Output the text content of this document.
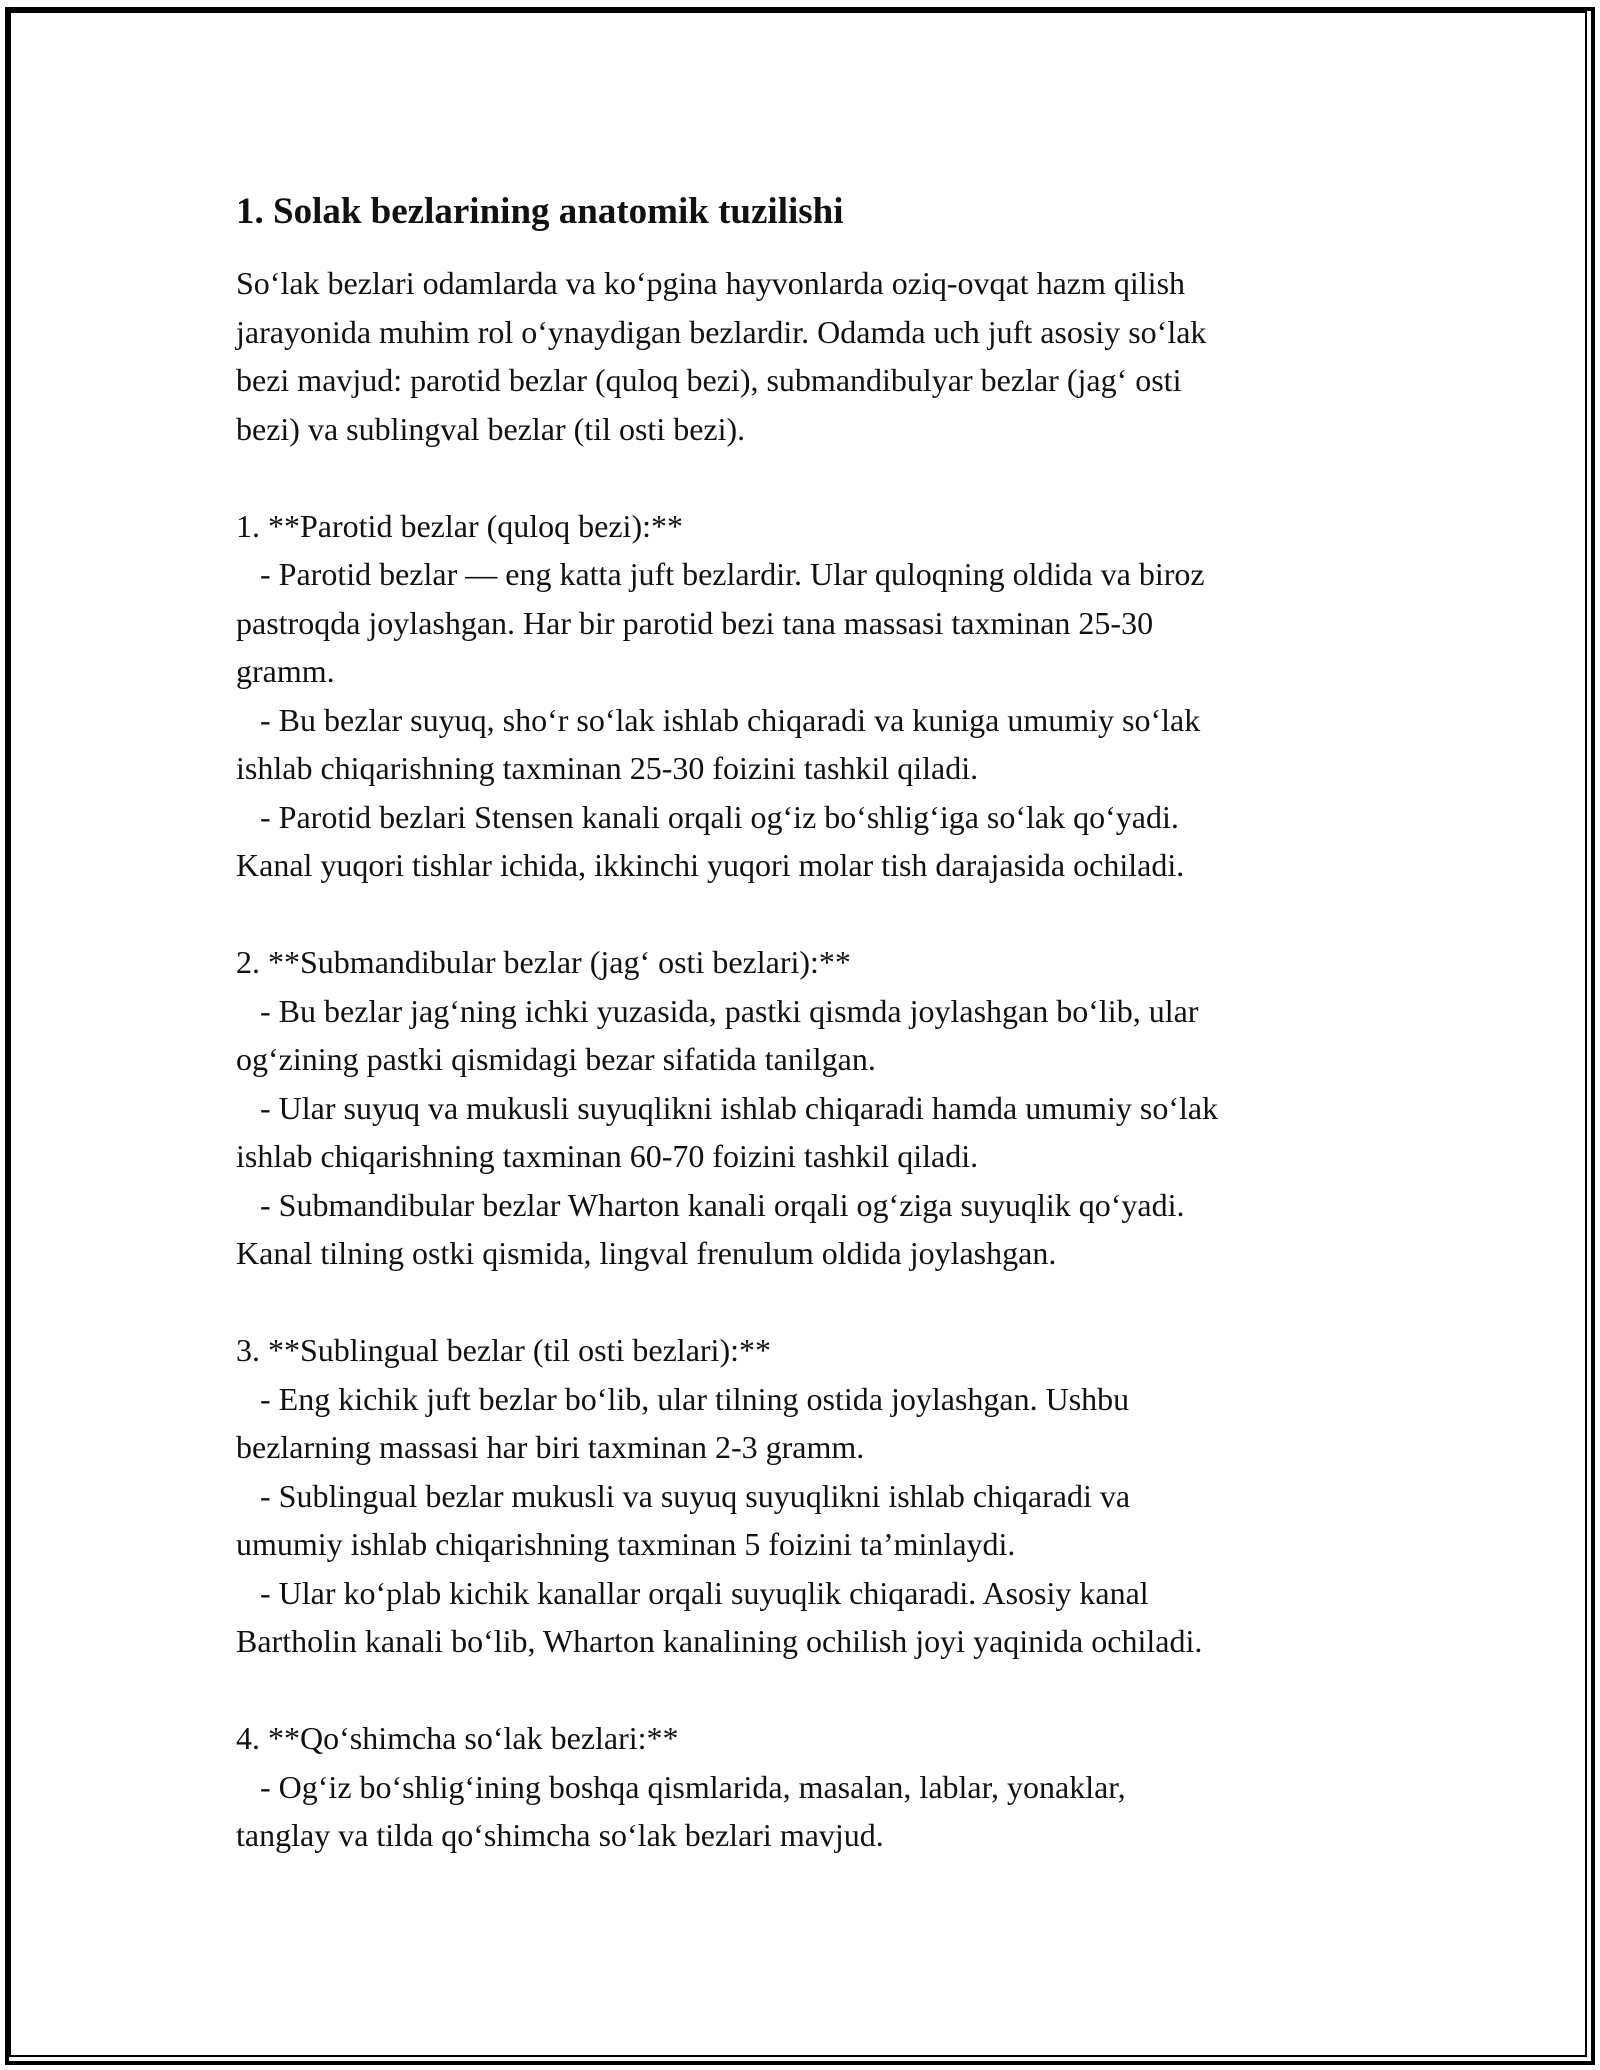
1. Solak bezlarining anatomik tuzilishi

So‘lak bezlari odamlarda va ko‘pgina hayvonlarda oziq-ovqat hazm qilish
jarayonida muhim rol o‘ynaydigan bezlardir. Odamda uch juft asosiy so‘lak
bezi mavjud: parotid bezlar (quloq bezi), submandibulyar bezlar (jag‘ osti
bezi) va sublingval bezlar (til osti bezi).

1. **Parotid bezlar (quloq bezi):**

- Parotid bezlar — eng katta juft bezlardir. Ular quloqning oldida va biroz
pastroqda joylashgan. Har bir parotid bezi tana massasi taxminan 25-30
gramm.
- Bu bezlar suyuq, sho‘r so‘lak ishlab chiqaradi va kuniga umumiy so‘lak
ishlab chiqarishning taxminan 25-30 foizini tashkil qiladi.
- Parotid bezlari Stensen kanali orqali og‘iz bo‘shlig‘iga so‘lak qo‘yadi.
Kanal yuqori tishlar ichida, ikkinchi yuqori molar tish darajasida ochiladi.

2. **Submandibular bezlar (jag‘ osti bezlari):**

- Bu bezlar jag‘ning ichki yuzasida, pastki qismda joylashgan bo‘lib, ular
og‘zining pastki qismidagi bezar sifatida tanilgan.
- Ular suyuq va mukusli suyuqlikni ishlab chiqaradi hamda umumiy so‘lak
ishlab chiqarishning taxminan 60-70 foizini tashkil qiladi.
- Submandibular bezlar Wharton kanali orqali og‘ziga suyuqlik qo‘yadi.
Kanal tilning ostki qismida, lingval frenulum oldida joylashgan.

3. **Sublingual bezlar (til osti bezlari):**

- Eng kichik juft bezlar bo‘lib, ular tilning ostida joylashgan. Ushbu
bezlarning massasi har biri taxminan 2-3 gramm.
- Sublingual bezlar mukusli va suyuq suyuqlikni ishlab chiqaradi va
umumiy ishlab chiqarishning taxminan 5 foizini ta’minlaydi.
- Ular ko‘plab kichik kanallar orqali suyuqlik chiqaradi. Asosiy kanal
Bartholin kanali bo‘lib, Wharton kanalining ochilish joyi yaqinida ochiladi.

4. **Qo‘shimcha so‘lak bezlari:**

- Og‘iz bo‘shlig‘ining boshqa qismlarida, masalan, lablar, yonaklar,
tanglay va tilda qo‘shimcha so‘lak bezlari mavjud.
